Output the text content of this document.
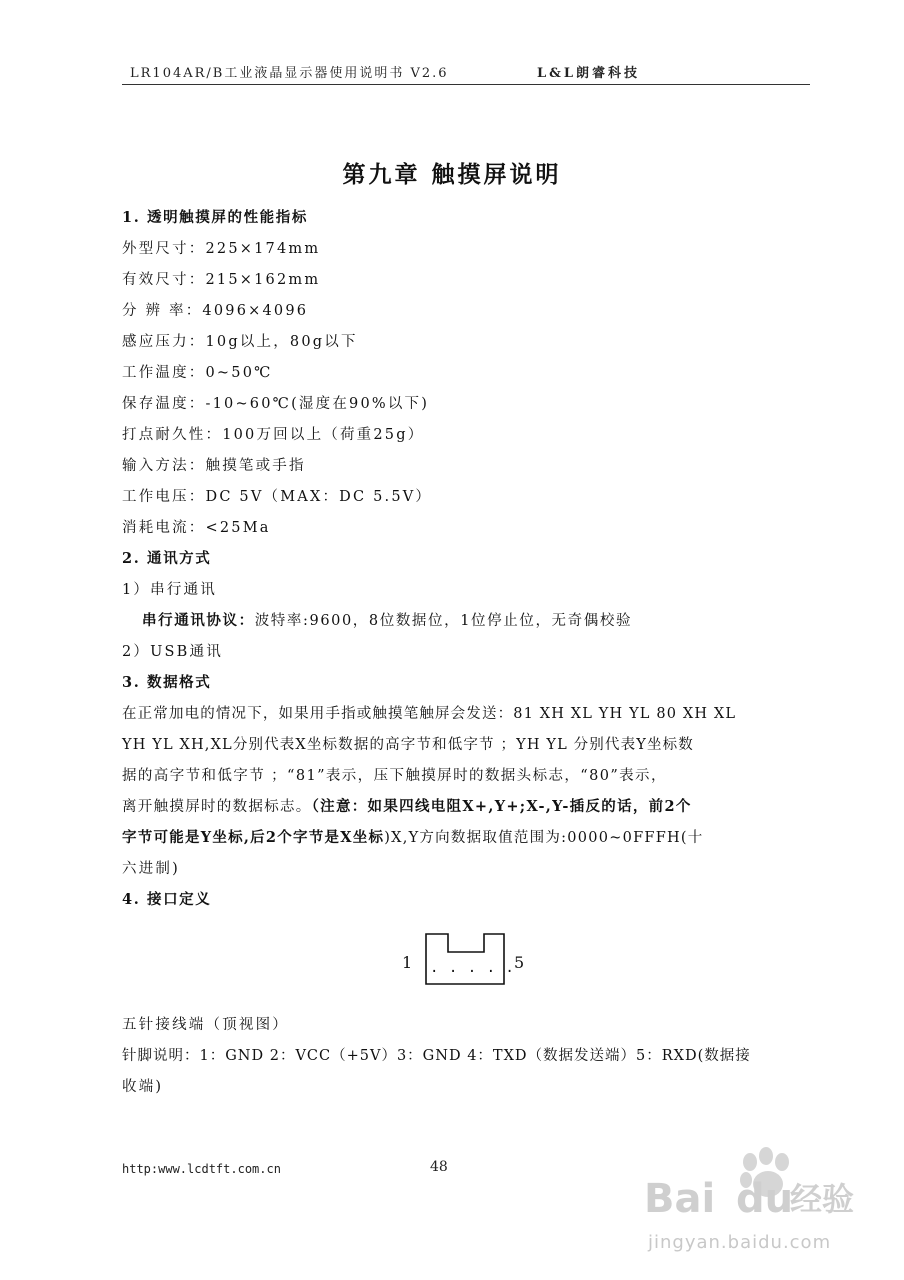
LR104AR/B工业液晶显示器使用说明书 V2.6	L&L朗睿科技
第九章 触摸屏说明
1. 透明触摸屏的性能指标
外型尺寸：225×174mm
有效尺寸：215×162mm
分 辨 率：4096×4096
感应压力：10g以上，80g以下
工作温度：0~50℃
保存温度：-10~60℃(湿度在90%以下)
打点耐久性：100万回以上（荷重25g）
输入方法：触摸笔或手指
工作电压：DC 5V（MAX：DC 5.5V）
消耗电流：<25Ma
2. 通讯方式
1）串行通讯
串行通讯协议：波特率:9600，8位数据位，1位停止位，无奇偶校验
2）USB通讯
3. 数据格式
在正常加电的情况下，如果用手指或触摸笔触屏会发送：81 XH XL YH YL 80 XH XL
YH YL XH,XL分别代表X坐标数据的高字节和低字节 ；YH YL 分别代表Y坐标数
据的高字节和低字节 ；“81”表示，压下触摸屏时的数据头标志，“80”表示，
离开触摸屏时的数据标志。（注意：如果四线电阻X+,Y+;X-,Y-插反的话，前2个
字节可能是Y坐标,后2个字节是X坐标)X,Y方向数据取值范围为:0000~0FFFH(十
六进制)
4. 接口定义
1 . . . . . 5
五针接线端（顶视图）
针脚说明：1：GND 2：VCC（+5V）3：GND 4：TXD（数据发送端）5：RXD(数据接
收端)
http:www.lcdtft.com.cn	48
Bai du
经验
jingyan.baidu.com
